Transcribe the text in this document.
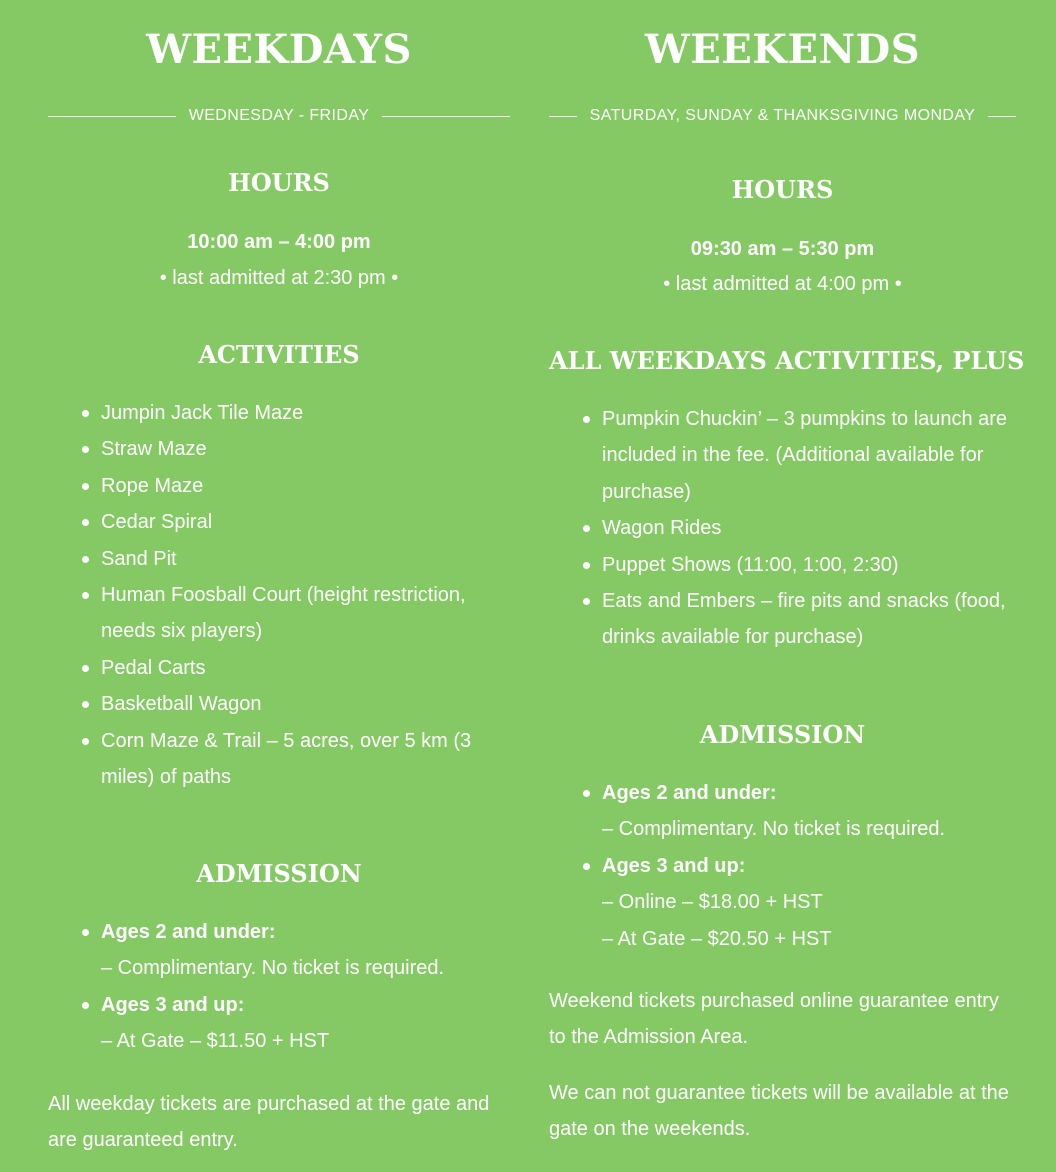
WEEKDAYS
WEDNESDAY - FRIDAY
HOURS
10:00 am – 4:00 pm
• last admitted at 2:30 pm •
ACTIVITIES
Jumpin Jack Tile Maze
Straw Maze
Rope Maze
Cedar Spiral
Sand Pit
Human Foosball Court (height restriction, needs six players)
Pedal Carts
Basketball Wagon
Corn Maze & Trail – 5 acres, over 5 km (3 miles) of paths
ADMISSION
Ages 2 and under:
– Complimentary. No ticket is required.
Ages 3 and up:
– At Gate – $11.50 + HST

All weekday tickets are purchased at the gate and are guaranteed entry.

WEEKENDS
SATURDAY, SUNDAY & THANKSGIVING MONDAY
HOURS
09:30 am – 5:30 pm
• last admitted at 4:00 pm •
ALL WEEKDAYS ACTIVITIES, PLUS
Pumpkin Chuckin’ – 3 pumpkins to launch are included in the fee. (Additional available for purchase)
Wagon Rides
Puppet Shows (11:00, 1:00, 2:30)
Eats and Embers – fire pits and snacks (food, drinks available for purchase)
ADMISSION
Ages 2 and under:
– Complimentary. No ticket is required.
Ages 3 and up:
– Online – $18.00 + HST
– At Gate – $20.50 + HST

Weekend tickets purchased online guarantee entry to the Admission Area.

We can not guarantee tickets will be available at the gate on the weekends.
